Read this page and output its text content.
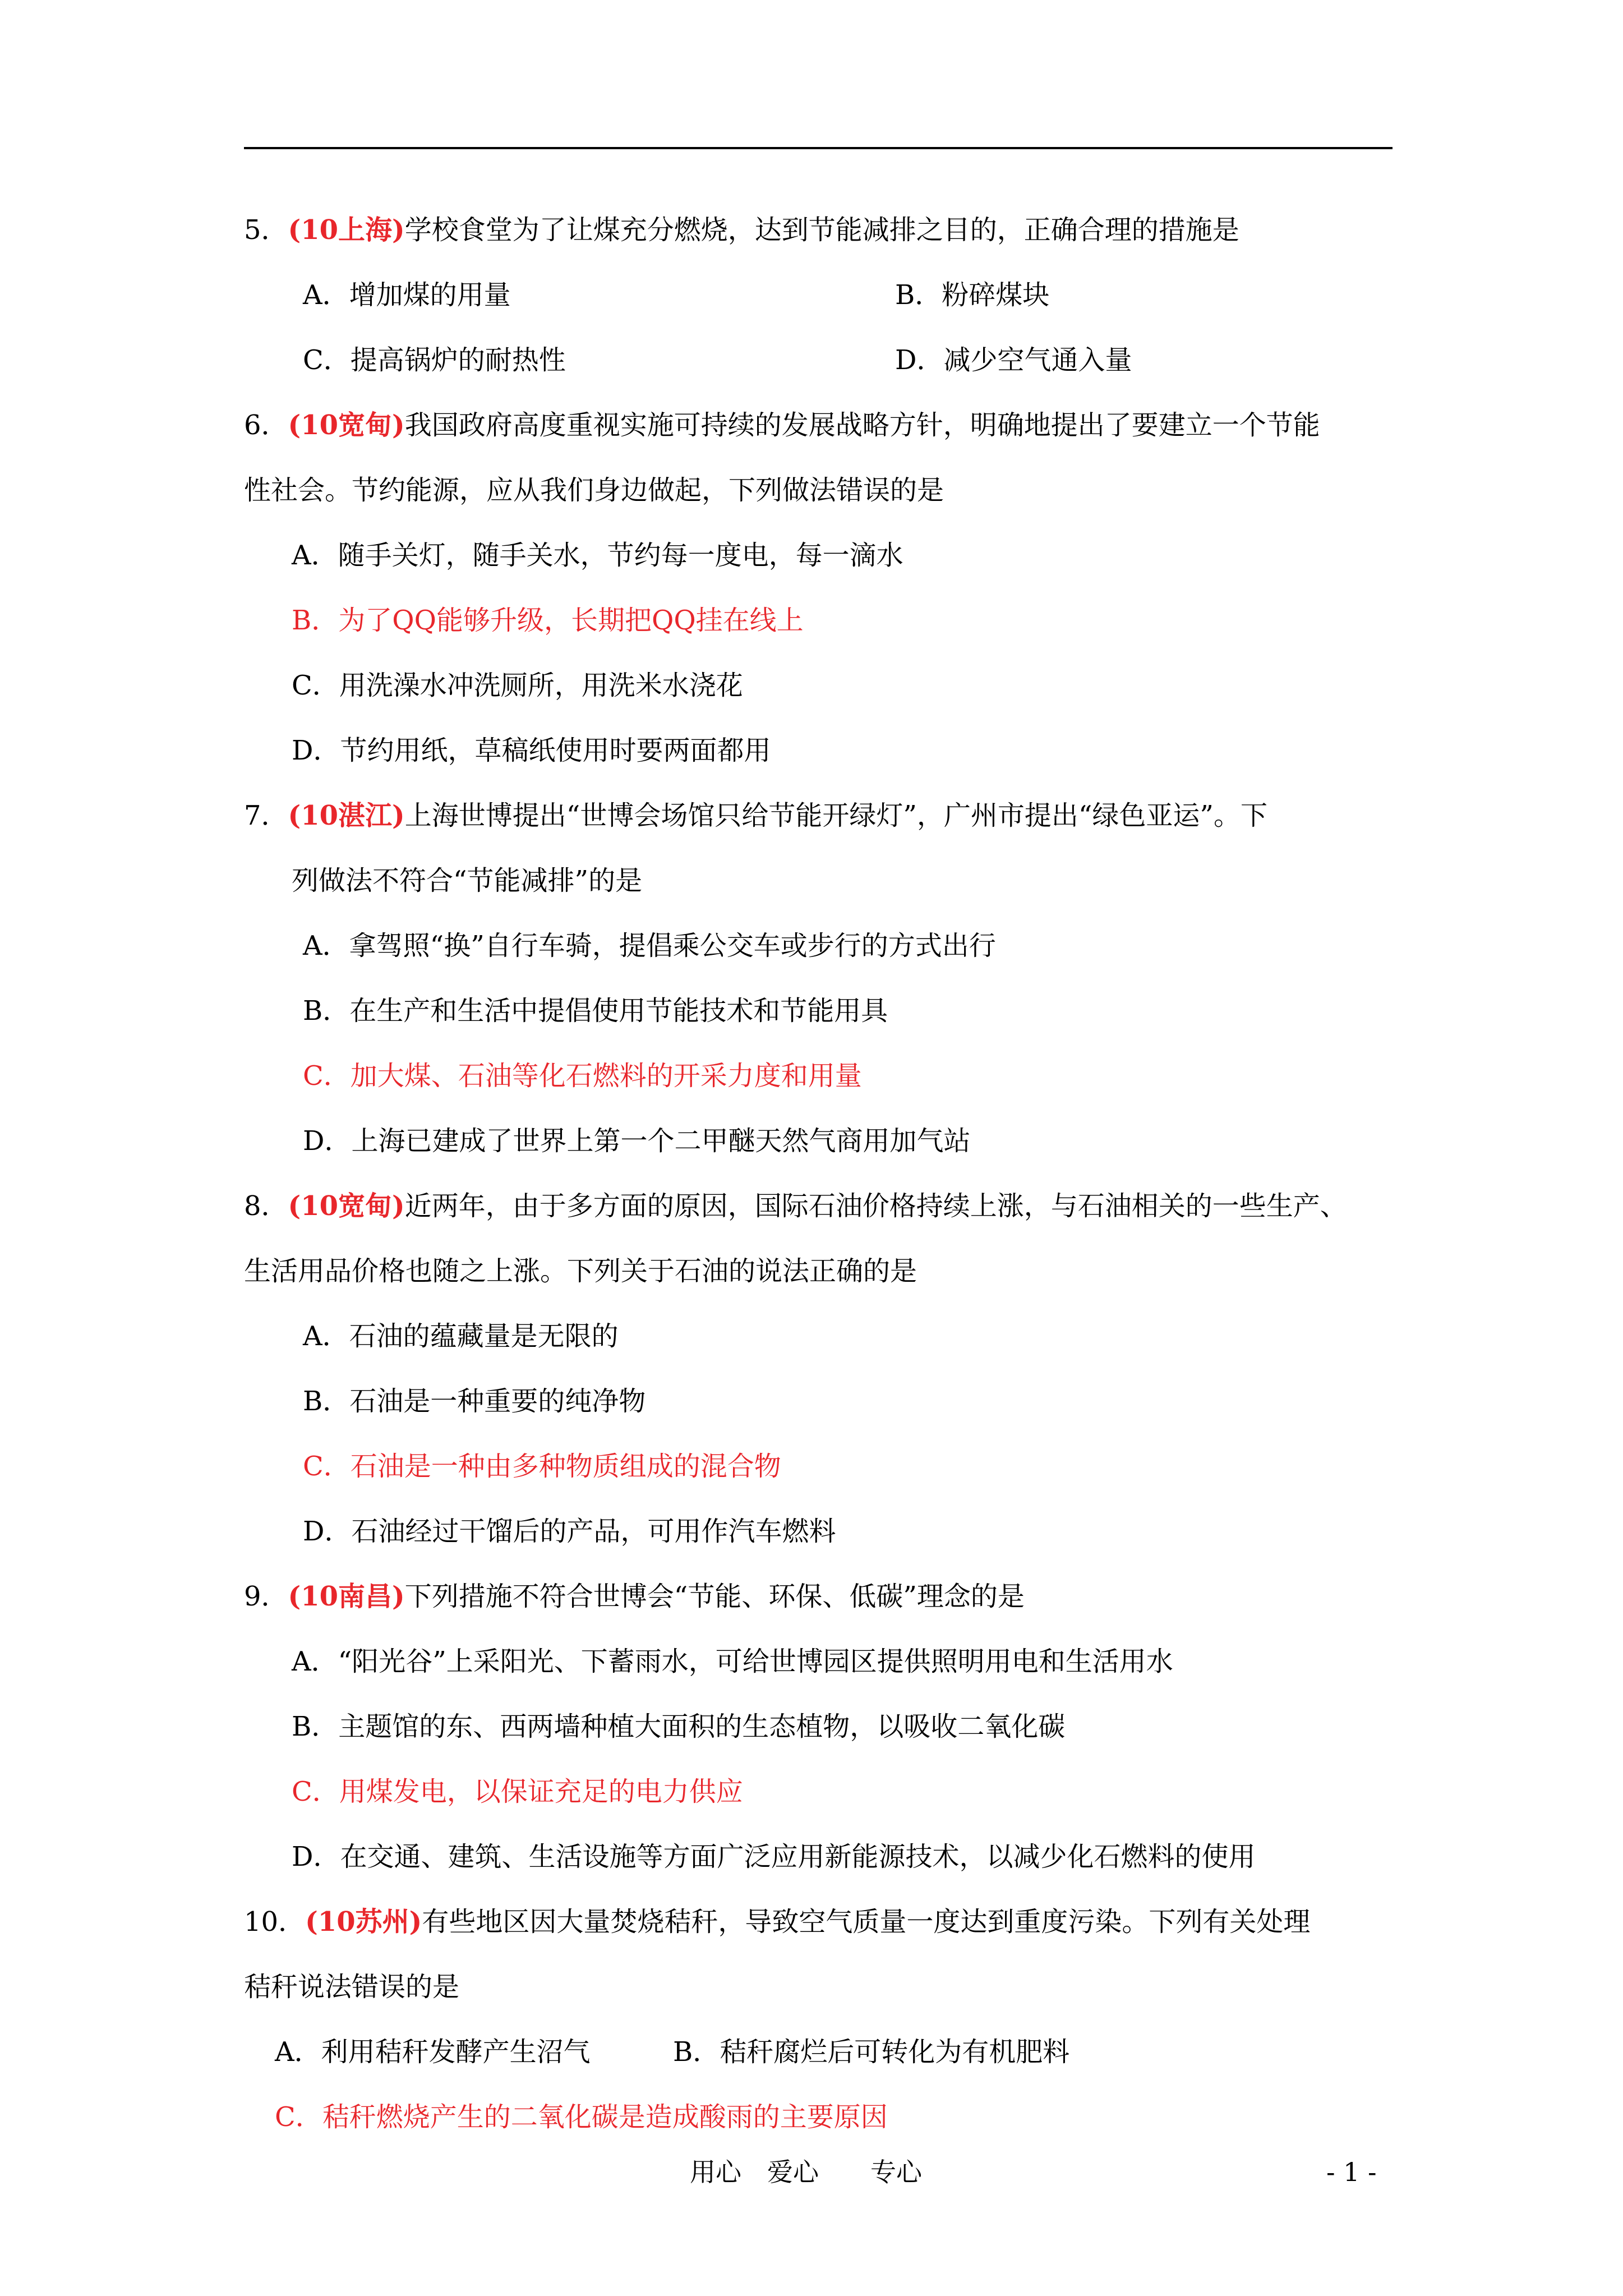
5．(10上海)学校食堂为了让煤充分燃烧，达到节能减排之目的，正确合理的措施是
A．增加煤的用量	B．粉碎煤块
C．提高锅炉的耐热性	D．减少空气通入量
6．(10宽甸)我国政府高度重视实施可持续的发展战略方针，明确地提出了要建立一个节能
性社会。节约能源，应从我们身边做起，下列做法错误的是
A．随手关灯，随手关水，节约每一度电，每一滴水
B．为了QQ能够升级，长期把QQ挂在线上
C．用洗澡水冲洗厕所，用洗米水浇花
D．节约用纸，草稿纸使用时要两面都用
7．(10湛江)上海世博提出“世博会场馆只给节能开绿灯”，广州市提出“绿色亚运”。下
列做法不符合“节能减排”的是
A．拿驾照“换”自行车骑，提倡乘公交车或步行的方式出行
B．在生产和生活中提倡使用节能技术和节能用具
C．加大煤、石油等化石燃料的开采力度和用量
D．上海已建成了世界上第一个二甲醚天然气商用加气站
8．(10宽甸)近两年，由于多方面的原因，国际石油价格持续上涨，与石油相关的一些生产、
生活用品价格也随之上涨。下列关于石油的说法正确的是
A．石油的蕴藏量是无限的
B．石油是一种重要的纯净物
C．石油是一种由多种物质组成的混合物
D．石油经过干馏后的产品，可用作汽车燃料
9．(10南昌)下列措施不符合世博会“节能、环保、低碳”理念的是
A．“阳光谷”上采阳光、下蓄雨水，可给世博园区提供照明用电和生活用水
B．主题馆的东、西两墙种植大面积的生态植物，以吸收二氧化碳
C．用煤发电，以保证充足的电力供应
D．在交通、建筑、生活设施等方面广泛应用新能源技术，以减少化石燃料的使用
10．(10苏州)有些地区因大量焚烧秸秆，导致空气质量一度达到重度污染。下列有关处理
秸秆说法错误的是
A．利用秸秆发酵产生沼气	B．秸秆腐烂后可转化为有机肥料
C．秸秆燃烧产生的二氧化碳是造成酸雨的主要原因
用心　爱心　　专心	- 1 -
